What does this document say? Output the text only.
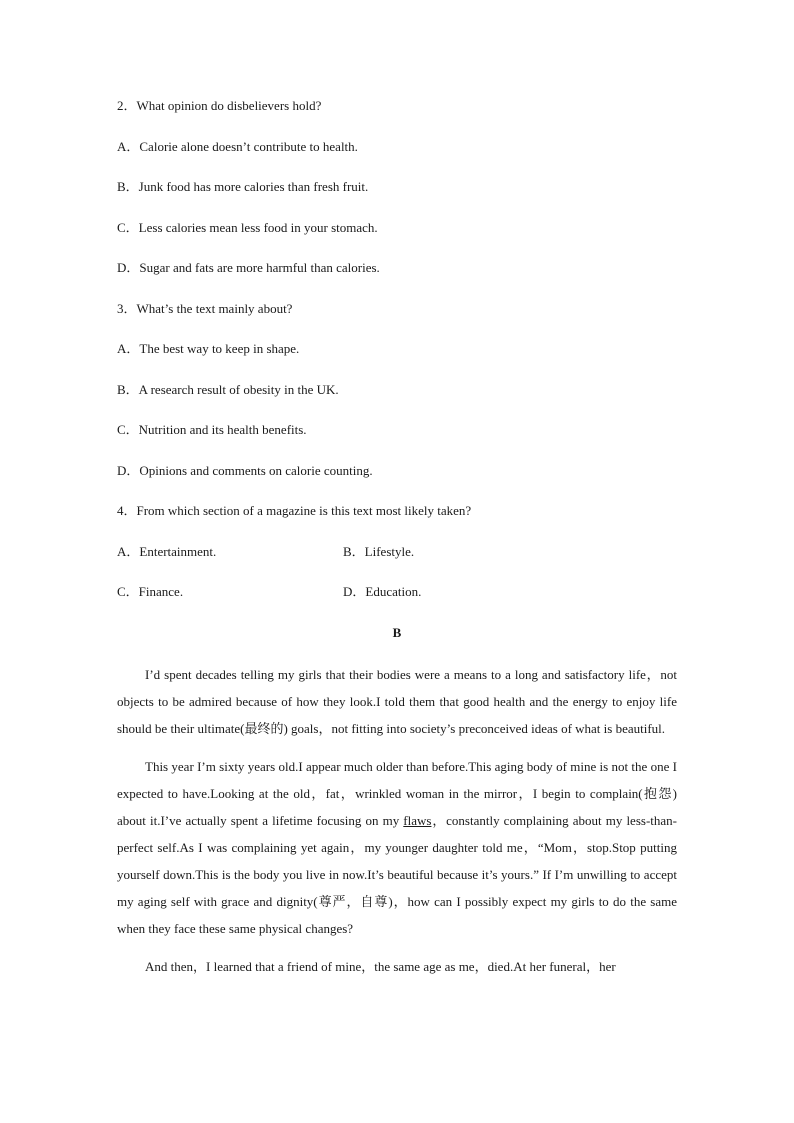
2．What opinion do disbelievers hold?
A．Calorie alone doesn’t contribute to health.
B．Junk food has more calories than fresh fruit.
C．Less calories mean less food in your stomach.
D．Sugar and fats are more harmful than calories.
3．What’s the text mainly about?
A．The best way to keep in shape.
B．A research result of obesity in the UK.
C．Nutrition and its health benefits.
D．Opinions and comments on calorie counting.
4．From which section of a magazine is this text most likely taken?
A．Entertainment.	B．Lifestyle.
C．Finance.	D．Education.
B

I’d spent decades telling my girls that their bodies were a means to a long and satisfactory life，not objects to be admired because of how they look.I told them that good health and the energy to enjoy life should be their ultimate(最终的) goals，not fitting into society’s preconceived ideas of what is beautiful.

This year I’m sixty years old.I appear much older than before.This aging body of mine is not the one I expected to have.Looking at the old，fat，wrinkled woman in the mirror，I begin to complain(抱怨) about it.I’ve actually spent a lifetime focusing on my flaws，constantly complaining about my less-than-perfect self.As I was complaining yet again，my younger daughter told me，“Mom，stop.Stop putting yourself down.This is the body you live in now.It’s beautiful because it’s yours.” If I’m unwilling to accept my aging self with grace and dignity(尊严，自尊)，how can I possibly expect my girls to do the same when they face these same physical changes?

And then，I learned that a friend of mine，the same age as me，died.At her funeral，her
